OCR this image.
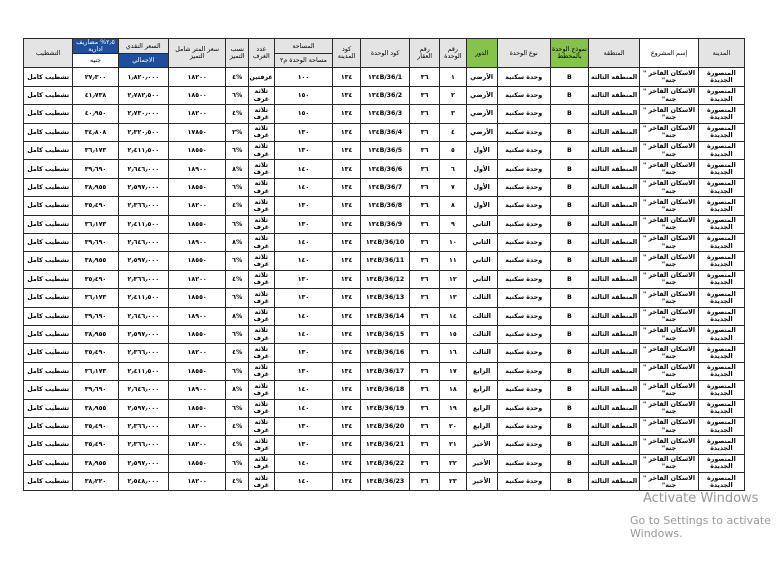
المدينة	إسم المشروع	المنطقة	نموذج الوحدة بالمخطط	نوع الوحدة	الدور	رقم الوحدة	رقم العقار	كود الوحدة	كود المدينة	المساحة	عدد الغرف	نسب التميز	سعر المتر شامل التميز	السعر النقدي	٢٫٥% مصاريف ادارية	التشطيب
										مساحة الوحدة م٢				الاجمالي	جنيه	
المنصورة الجديدة	الاسكان الفاخر " جنة"	المنطقة الثالثة	B	وحدة سكنية	الأرضي	١	٣٦	١٣٤B/36/1	١٣٤	١٠٠	غرفتين	%٤	١٨٢٠٠	١٫٨٢٠٫٠٠٠	٢٧٫٣٠٠	تشطيب كامل
المنصورة الجديدة	الاسكان الفاخر " جنة"	المنطقة الثالثة	B	وحدة سكنية	الأرضي	٢	٣٦	١٣٤B/36/2	١٣٤	١٥٠	ثلاثة غرف	%٦	١٨٥٠٠	٢٫٧٨٢٫٥٠٠	٤١٫٧٣٨	تشطيب كامل
المنصورة الجديدة	الاسكان الفاخر " جنة"	المنطقة الثالثة	B	وحدة سكنية	الأرضي	٣	٣٦	١٣٤B/36/3	١٣٤	١٥٠	ثلاثة غرف	%٤	١٨٢٠٠	٢٫٧٣٠٫٠٠٠	٤٠٫٩٥٠	تشطيب كامل
المنصورة الجديدة	الاسكان الفاخر " جنة"	المنطقة الثالثة	B	وحدة سكنية	الأرضي	٤	٣٦	١٣٤B/36/4	١٣٤	١٣٠	ثلاثة غرف	%٢	١٧٨٥٠	٢٫٣٢٠٫٥٠٠	٣٤٫٨٠٨	تشطيب كامل
المنصورة الجديدة	الاسكان الفاخر " جنة"	المنطقة الثالثة	B	وحدة سكنية	الأول	٥	٣٦	١٣٤B/36/5	١٣٤	١٣٠	ثلاثة غرف	%٦	١٨٥٥٠	٢٫٤١١٫٥٠٠	٣٦٫١٧٣	تشطيب كامل
المنصورة الجديدة	الاسكان الفاخر " جنة"	المنطقة الثالثة	B	وحدة سكنية	الأول	٦	٣٦	١٣٤B/36/6	١٣٤	١٤٠	ثلاثة غرف	%٨	١٨٩٠٠	٢٫٦٤٦٫٠٠٠	٣٩٫٦٩٠	تشطيب كامل
المنصورة الجديدة	الاسكان الفاخر " جنة"	المنطقة الثالثة	B	وحدة سكنية	الأول	٧	٣٦	١٣٤B/36/7	١٣٤	١٤٠	ثلاثة غرف	%٦	١٨٥٥٠	٢٫٥٩٧٫٠٠٠	٣٨٫٩٥٥	تشطيب كامل
المنصورة الجديدة	الاسكان الفاخر " جنة"	المنطقة الثالثة	B	وحدة سكنية	الأول	٨	٣٦	١٣٤B/36/8	١٣٤	١٣٠	ثلاثة غرف	%٤	١٨٢٠٠	٢٫٣٦٦٫٠٠٠	٣٥٫٤٩٠	تشطيب كامل
المنصورة الجديدة	الاسكان الفاخر " جنة"	المنطقة الثالثة	B	وحدة سكنية	الثاني	٩	٣٦	١٣٤B/36/9	١٣٤	١٣٠	ثلاثة غرف	%٦	١٨٥٥٠	٢٫٤١١٫٥٠٠	٣٦٫١٧٣	تشطيب كامل
المنصورة الجديدة	الاسكان الفاخر " جنة"	المنطقة الثالثة	B	وحدة سكنية	الثاني	١٠	٣٦	١٣٤B/36/10	١٣٤	١٤٠	ثلاثة غرف	%٨	١٨٩٠٠	٢٫٦٤٦٫٠٠٠	٣٩٫٦٩٠	تشطيب كامل
المنصورة الجديدة	الاسكان الفاخر " جنة"	المنطقة الثالثة	B	وحدة سكنية	الثاني	١١	٣٦	١٣٤B/36/11	١٣٤	١٤٠	ثلاثة غرف	%٦	١٨٥٥٠	٢٫٥٩٧٫٠٠٠	٣٨٫٩٥٥	تشطيب كامل
المنصورة الجديدة	الاسكان الفاخر " جنة"	المنطقة الثالثة	B	وحدة سكنية	الثاني	١٢	٣٦	١٣٤B/36/12	١٣٤	١٣٠	ثلاثة غرف	%٤	١٨٢٠٠	٢٫٣٦٦٫٠٠٠	٣٥٫٤٩٠	تشطيب كامل
المنصورة الجديدة	الاسكان الفاخر " جنة"	المنطقة الثالثة	B	وحدة سكنية	الثالث	١٣	٣٦	١٣٤B/36/13	١٣٤	١٣٠	ثلاثة غرف	%٦	١٨٥٥٠	٢٫٤١١٫٥٠٠	٣٦٫١٧٣	تشطيب كامل
المنصورة الجديدة	الاسكان الفاخر " جنة"	المنطقة الثالثة	B	وحدة سكنية	الثالث	١٤	٣٦	١٣٤B/36/14	١٣٤	١٤٠	ثلاثة غرف	%٨	١٨٩٠٠	٢٫٦٤٦٫٠٠٠	٣٩٫٦٩٠	تشطيب كامل
المنصورة الجديدة	الاسكان الفاخر " جنة"	المنطقة الثالثة	B	وحدة سكنية	الثالث	١٥	٣٦	١٣٤B/36/15	١٣٤	١٤٠	ثلاثة غرف	%٦	١٨٥٥٠	٢٫٥٩٧٫٠٠٠	٣٨٫٩٥٥	تشطيب كامل
المنصورة الجديدة	الاسكان الفاخر " جنة"	المنطقة الثالثة	B	وحدة سكنية	الثالث	١٦	٣٦	١٣٤B/36/16	١٣٤	١٣٠	ثلاثة غرف	%٤	١٨٢٠٠	٢٫٣٦٦٫٠٠٠	٣٥٫٤٩٠	تشطيب كامل
المنصورة الجديدة	الاسكان الفاخر " جنة"	المنطقة الثالثة	B	وحدة سكنية	الرابع	١٧	٣٦	١٣٤B/36/17	١٣٤	١٣٠	ثلاثة غرف	%٦	١٨٥٥٠	٢٫٤١١٫٥٠٠	٣٦٫١٧٣	تشطيب كامل
المنصورة الجديدة	الاسكان الفاخر " جنة"	المنطقة الثالثة	B	وحدة سكنية	الرابع	١٨	٣٦	١٣٤B/36/18	١٣٤	١٤٠	ثلاثة غرف	%٨	١٨٩٠٠	٢٫٦٤٦٫٠٠٠	٣٩٫٦٩٠	تشطيب كامل
المنصورة الجديدة	الاسكان الفاخر " جنة"	المنطقة الثالثة	B	وحدة سكنية	الرابع	١٩	٣٦	١٣٤B/36/19	١٣٤	١٤٠	ثلاثة غرف	%٦	١٨٥٥٠	٢٫٥٩٧٫٠٠٠	٣٨٫٩٥٥	تشطيب كامل
المنصورة الجديدة	الاسكان الفاخر " جنة"	المنطقة الثالثة	B	وحدة سكنية	الرابع	٢٠	٣٦	١٣٤B/36/20	١٣٤	١٣٠	ثلاثة غرف	%٤	١٨٢٠٠	٢٫٣٦٦٫٠٠٠	٣٥٫٤٩٠	تشطيب كامل
المنصورة الجديدة	الاسكان الفاخر " جنة"	المنطقة الثالثة	B	وحدة سكنية	الأخير	٢١	٣٦	١٣٤B/36/21	١٣٤	١٣٠	ثلاثة غرف	%٤	١٨٢٠٠	٢٫٣٦٦٫٠٠٠	٣٥٫٤٩٠	تشطيب كامل
المنصورة الجديدة	الاسكان الفاخر " جنة"	المنطقة الثالثة	B	وحدة سكنية	الأخير	٢٢	٣٦	١٣٤B/36/22	١٣٤	١٤٠	ثلاثة غرف	%٦	١٨٥٥٠	٢٫٥٩٧٫٠٠٠	٣٨٫٩٥٥	تشطيب كامل
المنصورة الجديدة	الاسكان الفاخر " جنة"	المنطقة الثالثة	B	وحدة سكنية	الأخير	٢٣	٣٦	١٣٤B/36/23	١٣٤	١٤٠	ثلاثة غرف	%٤	١٨٢٠٠	٢٫٥٤٨٫٠٠٠	٣٨٫٢٢٠	تشطيب كامل
Activate Windows
Go to Settings to activate Windows.
